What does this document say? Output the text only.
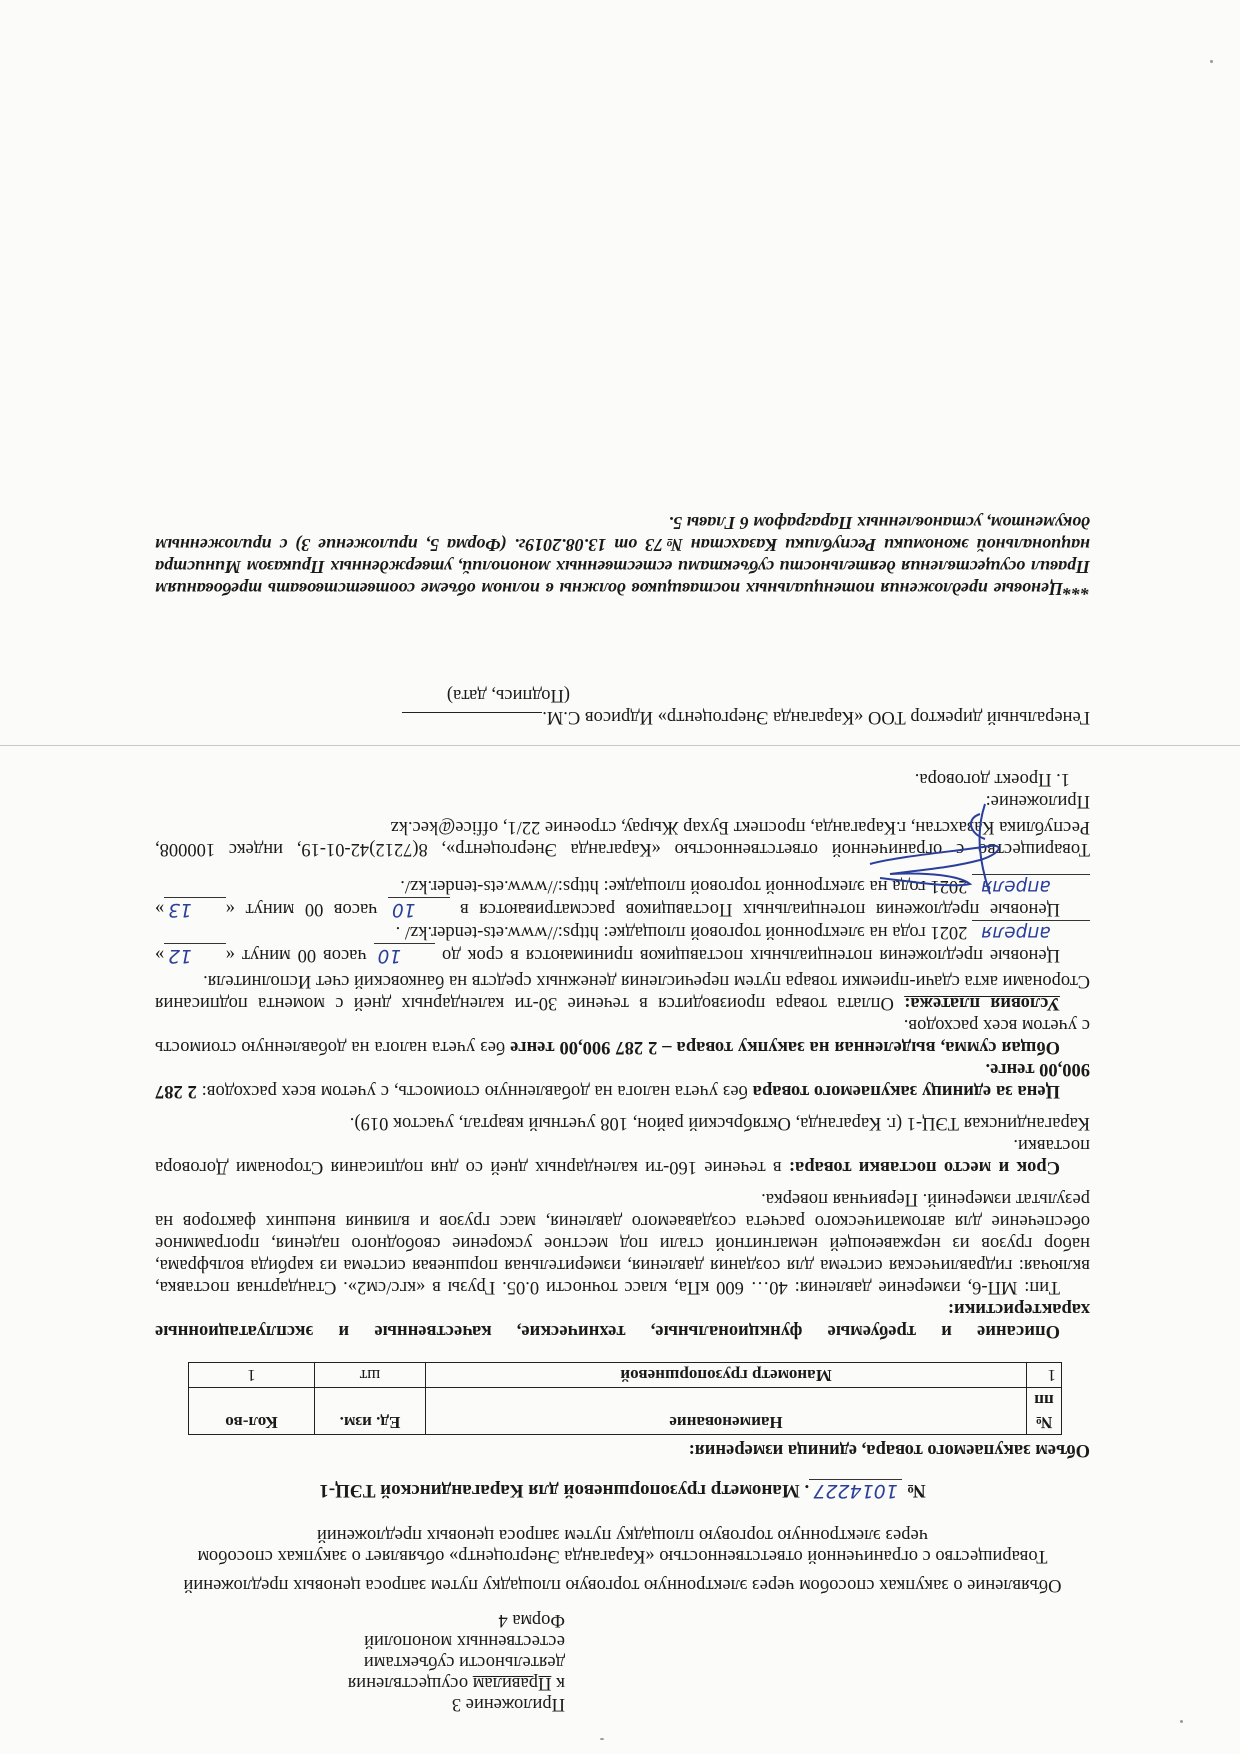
Приложение 3
к Правилам осуществления
деятельности субъектами
естественных монополий
Форма 4
Объявление о закупках способом через электронную торговую площадку путем запроса ценовых предложений
Товарищество с ограниченной ответственностью «Караганда Энергоцентр» объявляет о закупках способом через электронную торговую площадку путем запроса ценовых предложений
№ 1014227. Манометр грузопоршневой для Карагандинской ТЭЦ-1
Объем закупаемого товара, единица измерения:
№ пп	Наименование	Ед. изм.	Кол-во
1	Манометр грузопоршневой	шт	1

Описание и требуемые функциональные, технические, качественные и эксплуатационные характеристики:

Тип: МП-6, измерение давления: 40… 600 кПа, класс точности 0.05. Грузы в «кгс/см2». Стандартная поставка, включая: гидравлическая система для создания давления, измерительная поршневая система из карбида вольфрама, набор грузов из нержавеющей немагнитной стали под местное ускорение свободного падения, программное обеспечение для автоматического расчета создаваемого давления, масс грузов и влияния внешних факторов на результат измерений. Первичная поверка.

Срок и место поставки товара: в течение 160-ти календарных дней со дня подписания Сторонами Договора поставки.

Карагандинская ТЭЦ-1 (г. Караганда, Октябрьский район, 108 учетный квартал, участок 019).

Цена за единицу закупаемого товара без учета налога на добавленную стоимость, с учетом всех расходов: 2 287 900,00 тенге.

Общая сумма, выделенная на закупку товара – 2 287 900,00 тенге без учета налога на добавленную стоимость с учетом всех расходов.

Условия платежа: Оплата товара производится в течение 30-ти календарных дней с момента подписания Сторонами акта сдачи-приемки товара путем перечисления денежных средств на банковский счет Исполнителя.

Ценовые предложения потенциальных поставщиков принимаются в срок до 10 часов 00 минут «12» апреля 2021 года на электронной торговой площадке: https://www.ets-tender.kz/ .

Ценовые предложения потенциальных Поставщиков рассматриваются в 10 часов 00 минут «13» апреля 2021 года на электронной торговой площадке: https://www.ets-tender.kz/.

Товарищество с ограниченной ответственностью «Караганда Энергоцентр», 8(7212)42-01-19, индекс 100008, Республика Казахстан, г.Караганда, проспект Бухар Жырау, строение 22/1, office@kec.kz
Приложение:
1. Проект договора.
Генеральный директор ТОО «Караганда Энергоцентр» Идрисов С.М.
(Подпись, дата)
***Ценовые предложения потенциальных поставщиков должны в полном объеме соответствовать требованиям Правил осуществления деятельности субъектами естественных монополий, утвержденных Приказом Министра национальной экономики Республики Казахстан №73 от 13.08.2019г. (Форма 5, приложение 3) с приложенным документом, установленных Параграфом 6 Главы 5.
